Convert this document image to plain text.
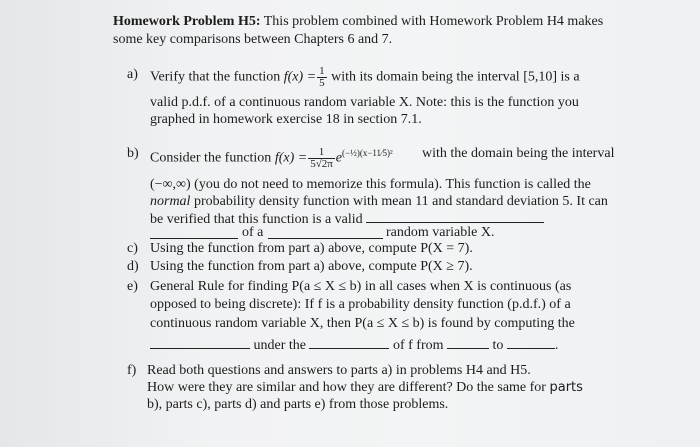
Homework Problem H5: This problem combined with Homework Problem H4 makes
some key comparisons between Chapters 6 and 7.
a) Verify that the function $f(x) = \frac{1}{5}$ with its domain being the interval [5,10] is a
valid p.d.f. of a continuous random variable X. Note: this is the function you
graphed in homework exercise 18 in section 7.1.
b) Consider the function $f(x) = \frac{1}{5√2\pi} e^{(-\frac{1}{2})(x-11⁄5)^2}$ with the domain being the interval
(−∞,∞) (you do not need to memorize this formula). This function is called the
normal probability density function with mean 11 and standard deviation 5. It can
be verified that this function is a valid
of a	random variable X.
c) Using the function from part a) above, compute P(X = 7).
d) Using the function from part a) above, compute P(X ≥ 7).
e) General Rule for finding P(a ≤ X ≤ b) in all cases when X is continuous (as
opposed to being discrete): If f is a probability density function (p.d.f.) of a
continuous random variable X, then P(a ≤ X ≤ b) is found by computing the
under the	of f from	to	.
f) Read both questions and answers to parts a) in problems H4 and H5.
How were they are similar and how they are different? Do the same for parts
b), parts c), parts d) and parts e) from those problems.
